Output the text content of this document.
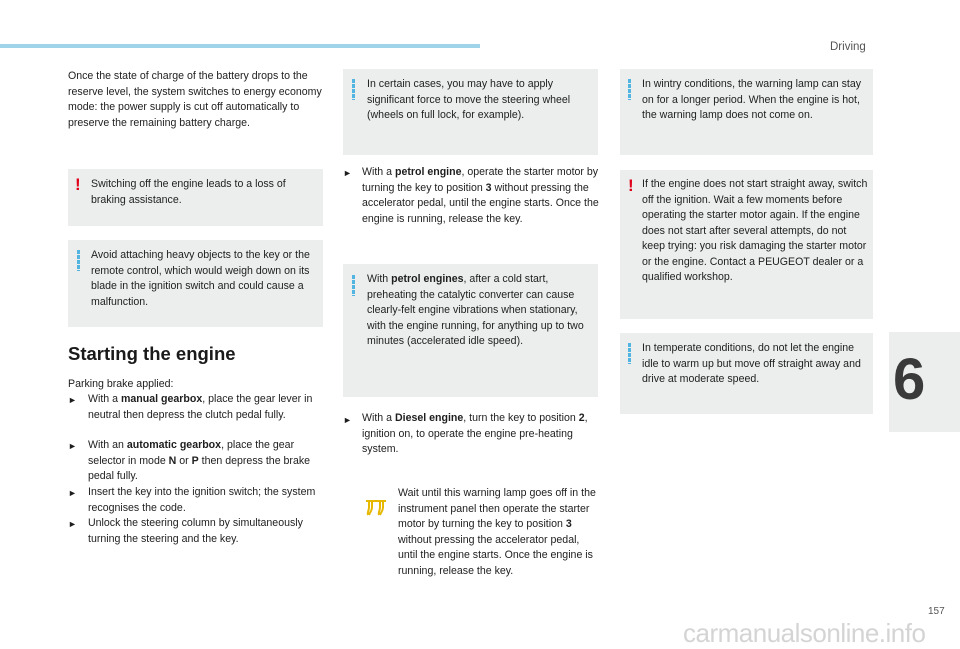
Driving
6
157

Once the state of charge of the battery drops to the reserve level, the system switches to energy economy mode: the power supply is cut off automatically to preserve the remaining battery charge.

! Switching off the engine leads to a loss of braking assistance.

Avoid attaching heavy objects to the key or the remote control, which would weigh down on its blade in the ignition switch and could cause a malfunction.

Starting the engine

Parking brake applied:

► With a manual gearbox, place the gear lever in neutral then depress the clutch pedal fully.

► With an automatic gearbox, place the gear selector in mode N or P then depress the brake pedal fully.

► Insert the key into the ignition switch; the system recognises the code.

► Unlock the steering column by simultaneously turning the steering and the key.

In certain cases, you may have to apply significant force to move the steering wheel (wheels on full lock, for example).

► With a petrol engine, operate the starter motor by turning the key to position 3 without pressing the accelerator pedal, until the engine starts. Once the engine is running, release the key.

With petrol engines, after a cold start, preheating the catalytic converter can cause clearly-felt engine vibrations when stationary, with the engine running, for anything up to two minutes (accelerated idle speed).

► With a Diesel engine, turn the key to position 2, ignition on, to operate the engine pre-heating system.

Wait until this warning lamp goes off in the instrument panel then operate the starter motor by turning the key to position 3 without pressing the accelerator pedal, until the engine starts. Once the engine is running, release the key.

In wintry conditions, the warning lamp can stay on for a longer period. When the engine is hot, the warning lamp does not come on.

! If the engine does not start straight away, switch off the ignition. Wait a few moments before operating the starter motor again. If the engine does not start after several attempts, do not keep trying: you risk damaging the starter motor or the engine. Contact a PEUGEOT dealer or a qualified workshop.

In temperate conditions, do not let the engine idle to warm up but move off straight away and drive at moderate speed.

carmanualsonline.info
